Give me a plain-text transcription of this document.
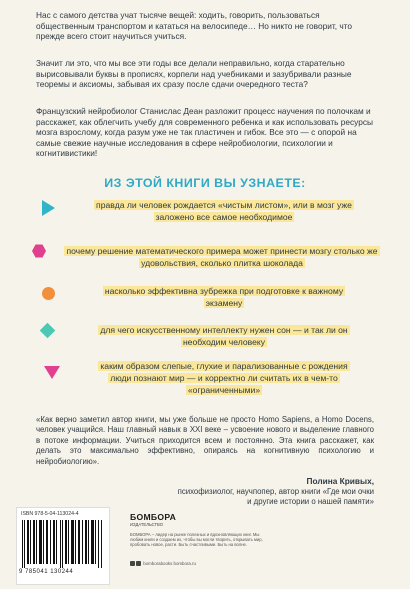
Нас с самого детства учат тысяче вещей: ходить, говорить, пользоваться общественным транспортом и кататься на велосипеде… Но никто не говорит, что прежде всего стоит научиться учиться.
Значит ли это, что мы все эти годы все делали неправильно, когда старательно вырисовывали буквы в прописях, корпели над учебниками и зазубривали разные теоремы и аксиомы, забывая их сразу после сдачи очередного теста?
Французский нейробиолог Станислас Деан разложит процесс научения по полочкам и расскажет, как облегчить учебу для современного ребенка и как использовать ресурсы мозга взрослому, когда разум уже не так пластичен и гибок. Все это — с опорой на самые свежие научные исследования в сфере нейробиологии, психологии и когнитивистики!
ИЗ ЭТОЙ КНИГИ ВЫ УЗНАЕТЕ:
правда ли человек рождается «чистым листом», или в мозг уже заложено все самое необходимое
почему решение математического примера может принести мозгу столько же удовольствия, сколько плитка шоколада
насколько эффективна зубрежка при подготовке к важному экзамену
для чего искусственному интеллекту нужен сон — и так ли он необходим человеку
каким образом слепые, глухие и парализованные с рождения люди познают мир — и корректно ли считать их в чем-то «ограниченными»
«Как верно заметил автор книги, мы уже больше не просто Homo Sapiens, а Homo Docens, человек учащийся. Наш главный навык в XXI веке – усвоение нового и выделение главного в потоке информации. Учиться приходится всем и постоянно. Эта книга расскажет, как делать это максимально эффективно, опираясь на когнитивную психологию и нейробиологию».
Полина Кривых,
психофизиолог, научпопер, автор книги «Где мои очки
и другие истории о нашей памяти»
ISBN 978-5-04-113024-4
9 785041 130244
БОМБОРА
ИЗДАТЕЛЬСТВО
БОМБОРА – лидер на рынке полезных и вдохновляющих книг. Мы любим книги и создаем их, чтобы вы могли творить, открывать мир, пробовать новое, расти. Быть счастливыми. Быть на волне.
bomborabooks bombora.ru
